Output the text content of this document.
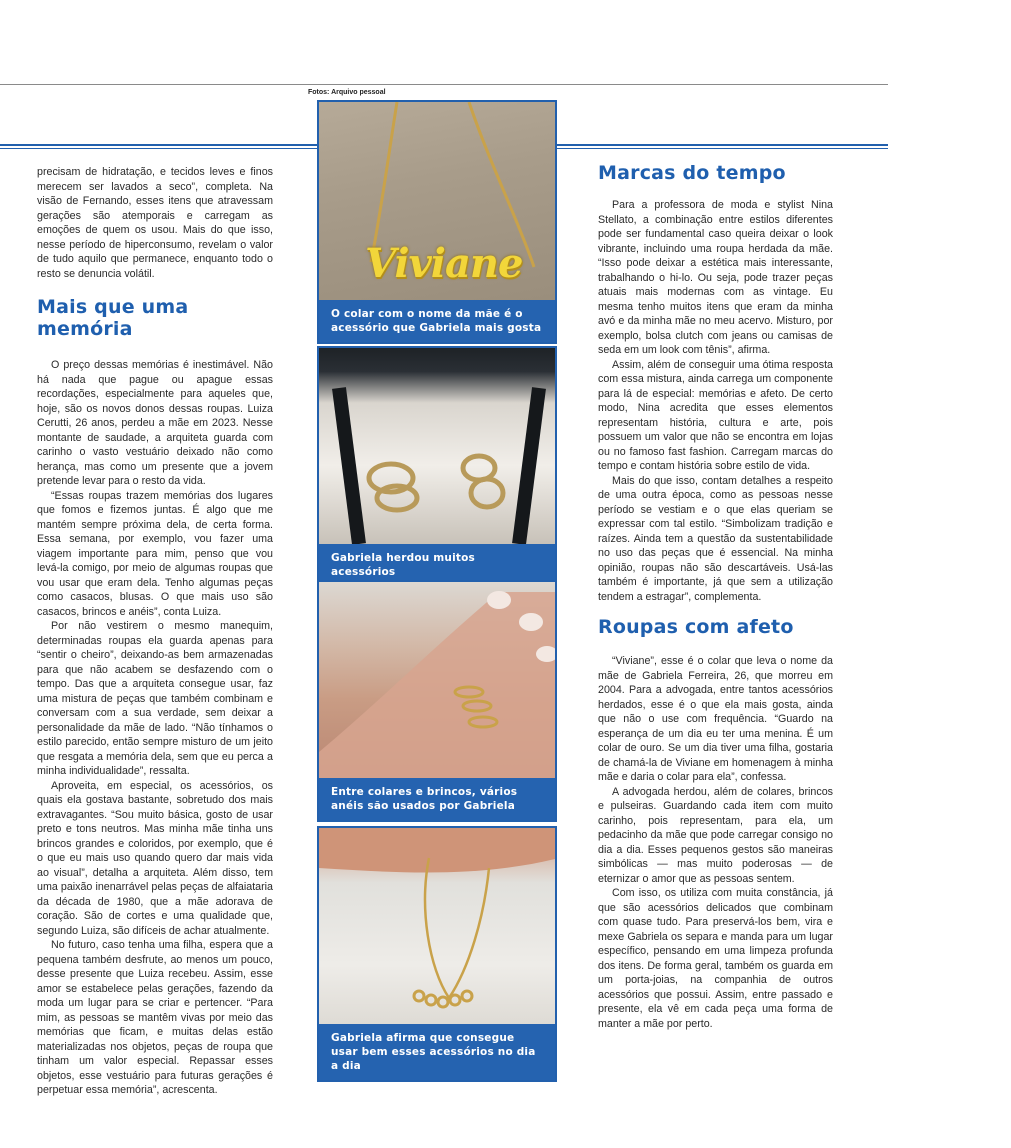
Fotos: Arquivo pessoal

precisam de hidratação, e tecidos leves e finos merecem ser lavados a seco”, completa. Na visão de Fernando, esses itens que atravessam gerações são atemporais e carregam as emoções de quem os usou. Mais do que isso, nesse período de hiperconsumo, revelam o valor de tudo aquilo que permanece, enquanto todo o resto se denuncia volátil.

Mais que uma memória

O preço dessas memórias é inestimável. Não há nada que pague ou apague essas recordações, especialmente para aqueles que, hoje, são os novos donos dessas roupas. Luiza Cerutti, 26 anos, perdeu a mãe em 2023. Nesse montante de saudade, a arquiteta guarda com carinho o vasto vestuário deixado não como herança, mas como um presente que a jovem pretende levar para o resto da vida.

“Essas roupas trazem memórias dos lugares que fomos e fizemos juntas. É algo que me mantém sempre próxima dela, de certa forma. Essa semana, por exemplo, vou fazer uma viagem importante para mim, penso que vou levá-la comigo, por meio de algumas roupas que vou usar que eram dela. Tenho algumas peças como casacos, blusas. O que mais uso são casacos, brincos e anéis”, conta Luiza.

Por não vestirem o mesmo manequim, determinadas roupas ela guarda apenas para “sentir o cheiro”, deixando-as bem armazenadas para que não acabem se desfazendo com o tempo. Das que a arquiteta consegue usar, faz uma mistura de peças que também combinam e conversam com a sua verdade, sem deixar a personalidade da mãe de lado. “Não tínhamos o estilo parecido, então sempre misturo de um jeito que resgata a memória dela, sem que eu perca a minha individualidade”, ressalta.

Aproveita, em especial, os acessórios, os quais ela gostava bastante, sobretudo dos mais extravagantes. “Sou muito básica, gosto de usar preto e tons neutros. Mas minha mãe tinha uns brincos grandes e coloridos, por exemplo, que é o que eu mais uso quando quero dar mais vida ao visual”, detalha a arquiteta. Além disso, tem uma paixão inenarrável pelas peças de alfaiataria da década de 1980, que a mãe adorava de coração. São de cortes e uma qualidade que, segundo Luiza, são difíceis de achar atualmente.

No futuro, caso tenha uma filha, espera que a pequena também desfrute, ao menos um pouco, desse presente que Luiza recebeu. Assim, esse amor se estabelece pelas gerações, fazendo da moda um lugar para se criar e pertencer. “Para mim, as pessoas se mantêm vivas por meio das memórias que ficam, e muitas delas estão materializadas nos objetos, peças de roupa que tinham um valor especial. Repassar esses objetos, esse vestuário para futuras gerações é perpetuar essa memória”, acrescenta.

Viviane
O colar com o nome da mãe é o acessório que Gabriela mais gosta
Gabriela herdou muitos acessórios
Entre colares e brincos, vários anéis são usados por Gabriela
Gabriela afirma que consegue usar bem esses acessórios no dia a dia
Marcas do tempo

Para a professora de moda e stylist Nina Stellato, a combinação entre estilos diferentes pode ser fundamental caso queira deixar o look vibrante, incluindo uma roupa herdada da mãe. “Isso pode deixar a estética mais interessante, trabalhando o hi-lo. Ou seja, pode trazer peças atuais mais modernas com as vintage. Eu mesma tenho muitos itens que eram da minha avó e da minha mãe no meu acervo. Misturo, por exemplo, bolsa clutch com jeans ou camisas de seda em um look com tênis”, afirma.

Assim, além de conseguir uma ótima resposta com essa mistura, ainda carrega um componente para lá de especial: memórias e afeto. De certo modo, Nina acredita que esses elementos representam história, cultura e arte, pois possuem um valor que não se encontra em lojas ou no famoso fast fashion. Carregam marcas do tempo e contam história sobre estilo de vida.

Mais do que isso, contam detalhes a respeito de uma outra época, como as pessoas nesse período se vestiam e o que elas queriam se expressar com tal estilo. “Simbolizam tradição e raízes. Ainda tem a questão da sustentabilidade no uso das peças que é essencial. Na minha opinião, roupas não são descartáveis. Usá-las também é importante, já que sem a utilização tendem a estragar”, complementa.

Roupas com afeto

“Viviane”, esse é o colar que leva o nome da mãe de Gabriela Ferreira, 26, que morreu em 2004. Para a advogada, entre tantos acessórios herdados, esse é o que ela mais gosta, ainda que não o use com frequência. “Guardo na esperança de um dia eu ter uma menina. É um colar de ouro. Se um dia tiver uma filha, gostaria de chamá-la de Viviane em homenagem à minha mãe e daria o colar para ela”, confessa.

A advogada herdou, além de colares, brincos e pulseiras. Guardando cada item com muito carinho, pois representam, para ela, um pedacinho da mãe que pode carregar consigo no dia a dia. Esses pequenos gestos são maneiras simbólicas — mas muito poderosas — de eternizar o amor que as pessoas sentem.

Com isso, os utiliza com muita constância, já que são acessórios delicados que combinam com quase tudo. Para preservá-los bem, vira e mexe Gabriela os separa e manda para um lugar específico, pensando em uma limpeza profunda dos itens. De forma geral, também os guarda em um porta-joias, na companhia de outros acessórios que possui. Assim, entre passado e presente, ela vê em cada peça uma forma de manter a mãe por perto.
